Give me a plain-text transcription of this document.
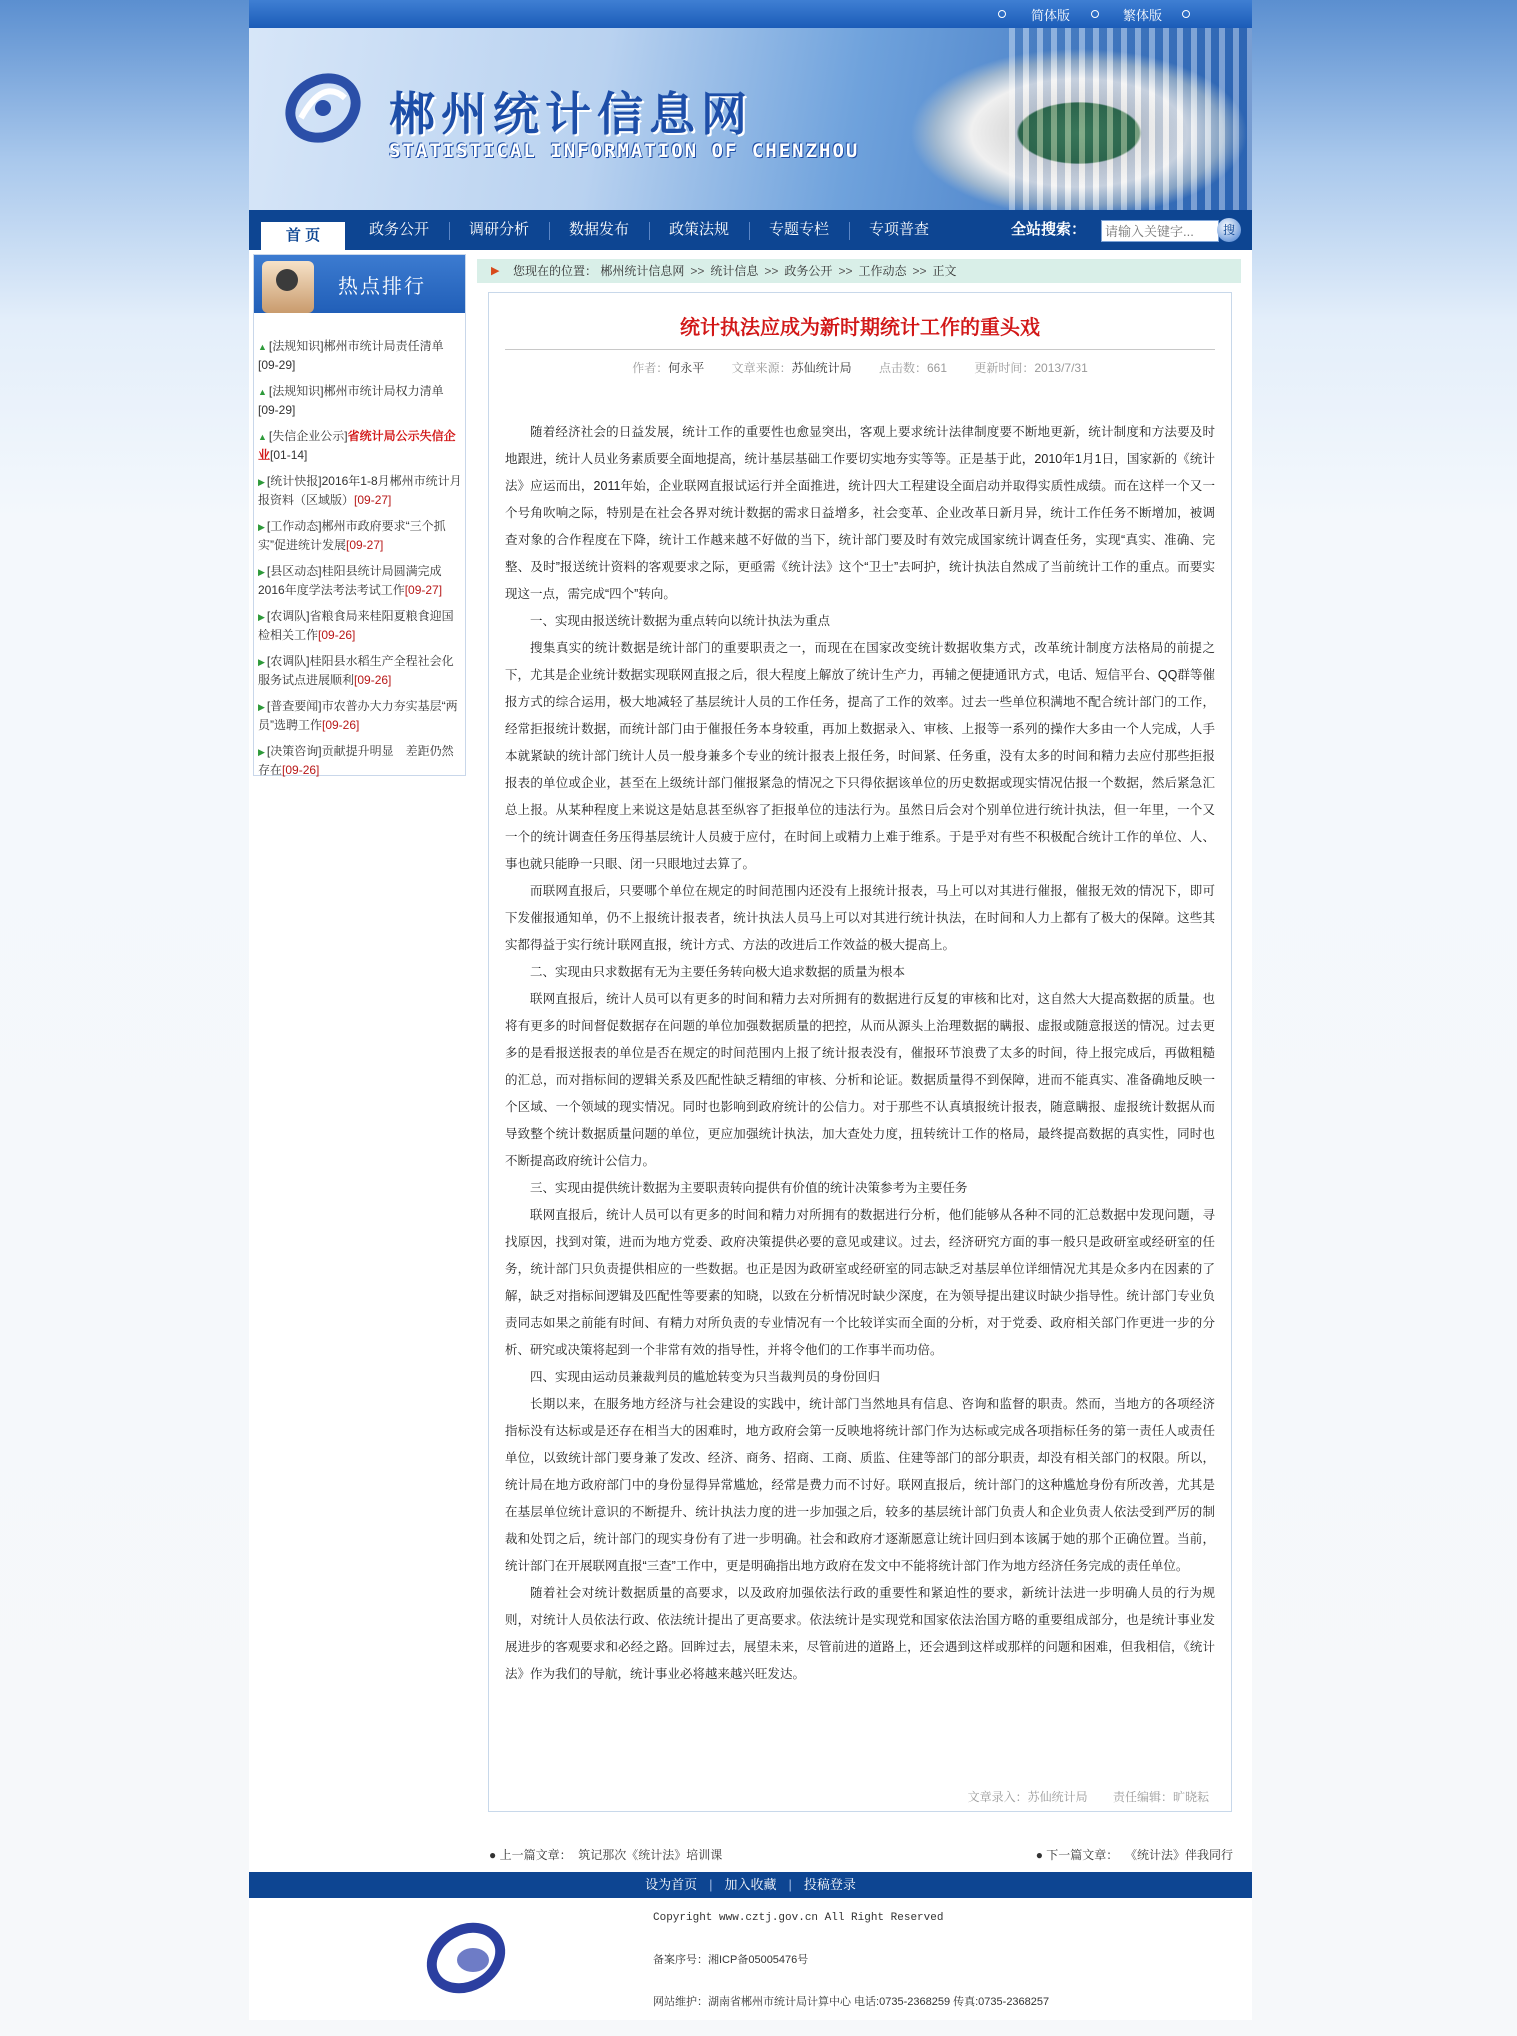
简体版	繁体版
郴州统计信息网
STATISTICAL INFORMATION OF CHENZHOU
首 页	政务公开	调研分析	数据发布	政策法规	专题专栏	专项普查	全站搜索：
请输入关键字...	搜
热点排行
▲ [法规知识]郴州市统计局责任清单
[09-29]
▲ [法规知识]郴州市统计局权力清单
[09-29]
▲ [失信企业公示]省统计局公示失信企业[01-14]
▶ [统计快报]2016年1-8月郴州市统计月报资料（区域版）[09-27]
▶ [工作动态]郴州市政府要求“三个抓实”促进统计发展[09-27]
▶ [县区动态]桂阳县统计局圆满完成2016年度学法考法考试工作[09-27]
▶ [农调队]省粮食局来桂阳夏粮食迎国检相关工作[09-26]
▶ [农调队]桂阳县水稻生产全程社会化服务试点进展顺利[09-26]
▶ [普查要闻]市农普办大力夯实基层“两员”选聘工作[09-26]
▶ [决策咨询]贡献提升明显　差距仍然存在[09-26]
▶ 您现在的位置： 郴州统计信息网 >> 统计信息 >> 政务公开 >> 工作动态 >> 正文
统计执法应成为新时期统计工作的重头戏
作者：何永平 文章来源：苏仙统计局 点击数：661 更新时间：2013/7/31

随着经济社会的日益发展，统计工作的重要性也愈显突出，客观上要求统计法律制度要不断地更新，统计制度和方法要及时地跟进，统计人员业务素质要全面地提高，统计基层基础工作要切实地夯实等等。正是基于此，2010年1月1日，国家新的《统计法》应运而出，2011年始，企业联网直报试运行并全面推进，统计四大工程建设全面启动并取得实质性成绩。而在这样一个又一个号角吹响之际，特别是在社会各界对统计数据的需求日益增多，社会变革、企业改革日新月异，统计工作任务不断增加，被调查对象的合作程度在下降，统计工作越来越不好做的当下，统计部门要及时有效完成国家统计调查任务，实现“真实、准确、完整、及时”报送统计资料的客观要求之际，更亟需《统计法》这个“卫士”去呵护，统计执法自然成了当前统计工作的重点。而要实现这一点，需完成“四个”转向。

一、实现由报送统计数据为重点转向以统计执法为重点

搜集真实的统计数据是统计部门的重要职责之一，而现在在国家改变统计数据收集方式，改革统计制度方法格局的前提之下，尤其是企业统计数据实现联网直报之后，很大程度上解放了统计生产力，再辅之便捷通讯方式，电话、短信平台、QQ群等催报方式的综合运用，极大地减轻了基层统计人员的工作任务，提高了工作的效率。过去一些单位积满地不配合统计部门的工作，经常拒报统计数据，而统计部门由于催报任务本身较重，再加上数据录入、审核、上报等一系列的操作大多由一个人完成，人手本就紧缺的统计部门统计人员一般身兼多个专业的统计报表上报任务，时间紧、任务重，没有太多的时间和精力去应付那些拒报报表的单位或企业，甚至在上级统计部门催报紧急的情况之下只得依据该单位的历史数据或现实情况估报一个数据，然后紧急汇总上报。从某种程度上来说这是姑息甚至纵容了拒报单位的违法行为。虽然日后会对个别单位进行统计执法，但一年里，一个又一个的统计调查任务压得基层统计人员疲于应付，在时间上或精力上难于维系。于是乎对有些不积极配合统计工作的单位、人、事也就只能睁一只眼、闭一只眼地过去算了。

而联网直报后，只要哪个单位在规定的时间范围内还没有上报统计报表，马上可以对其进行催报，催报无效的情况下，即可下发催报通知单，仍不上报统计报表者，统计执法人员马上可以对其进行统计执法，在时间和人力上都有了极大的保障。这些其实都得益于实行统计联网直报，统计方式、方法的改进后工作效益的极大提高上。

二、实现由只求数据有无为主要任务转向极大追求数据的质量为根本

联网直报后，统计人员可以有更多的时间和精力去对所拥有的数据进行反复的审核和比对，这自然大大提高数据的质量。也将有更多的时间督促数据存在问题的单位加强数据质量的把控，从而从源头上治理数据的瞒报、虚报或随意报送的情况。过去更多的是看报送报表的单位是否在规定的时间范围内上报了统计报表没有，催报环节浪费了太多的时间，待上报完成后，再做粗糙的汇总，而对指标间的逻辑关系及匹配性缺乏精细的审核、分析和论证。数据质量得不到保障，进而不能真实、准备确地反映一个区域、一个领域的现实情况。同时也影响到政府统计的公信力。对于那些不认真填报统计报表，随意瞒报、虚报统计数据从而导致整个统计数据质量问题的单位，更应加强统计执法，加大查处力度，扭转统计工作的格局，最终提高数据的真实性，同时也不断提高政府统计公信力。

三、实现由提供统计数据为主要职责转向提供有价值的统计决策参考为主要任务

联网直报后，统计人员可以有更多的时间和精力对所拥有的数据进行分析，他们能够从各种不同的汇总数据中发现问题，寻找原因，找到对策，进而为地方党委、政府决策提供必要的意见或建议。过去，经济研究方面的事一般只是政研室或经研室的任务，统计部门只负责提供相应的一些数据。也正是因为政研室或经研室的同志缺乏对基层单位详细情况尤其是众多内在因素的了解，缺乏对指标间逻辑及匹配性等要素的知晓，以致在分析情况时缺少深度，在为领导提出建议时缺少指导性。统计部门专业负责同志如果之前能有时间、有精力对所负责的专业情况有一个比较详实而全面的分析，对于党委、政府相关部门作更进一步的分析、研究或决策将起到一个非常有效的指导性，并将令他们的工作事半而功倍。

四、实现由运动员兼裁判员的尴尬转变为只当裁判员的身份回归

长期以来，在服务地方经济与社会建设的实践中，统计部门当然地具有信息、咨询和监督的职责。然而，当地方的各项经济指标没有达标或是还存在相当大的困难时，地方政府会第一反映地将统计部门作为达标或完成各项指标任务的第一责任人或责任单位，以致统计部门要身兼了发改、经济、商务、招商、工商、质监、住建等部门的部分职责，却没有相关部门的权限。所以，统计局在地方政府部门中的身份显得异常尴尬，经常是费力而不讨好。联网直报后，统计部门的这种尴尬身份有所改善，尤其是在基层单位统计意识的不断提升、统计执法力度的进一步加强之后，较多的基层统计部门负责人和企业负责人依法受到严厉的制裁和处罚之后，统计部门的现实身份有了进一步明确。社会和政府才逐渐愿意让统计回归到本该属于她的那个正确位置。当前，统计部门在开展联网直报“三查”工作中，更是明确指出地方政府在发文中不能将统计部门作为地方经济任务完成的责任单位。

随着社会对统计数据质量的高要求，以及政府加强依法行政的重要性和紧迫性的要求，新统计法进一步明确人员的行为规则，对统计人员依法行政、依法统计提出了更高要求。依法统计是实现党和国家依法治国方略的重要组成部分，也是统计事业发展进步的客观要求和必经之路。回眸过去，展望未来，尽管前进的道路上，还会遇到这样或那样的问题和困难，但我相信，《统计法》作为我们的导航，统计事业必将越来越兴旺发达。

文章录入：苏仙统计局 责任编辑：旷晓耘
● 上一篇文章： 筑记那次《统计法》培训课	● 下一篇文章： 《统计法》伴我同行
设为首页 | 加入收藏 | 投稿登录
Copyright www.cztj.gov.cn All Right Reserved
备案序号：湘ICP备05005476号
网站维护：湖南省郴州市统计局计算中心 电话:0735-2368259 传真:0735-2368257
